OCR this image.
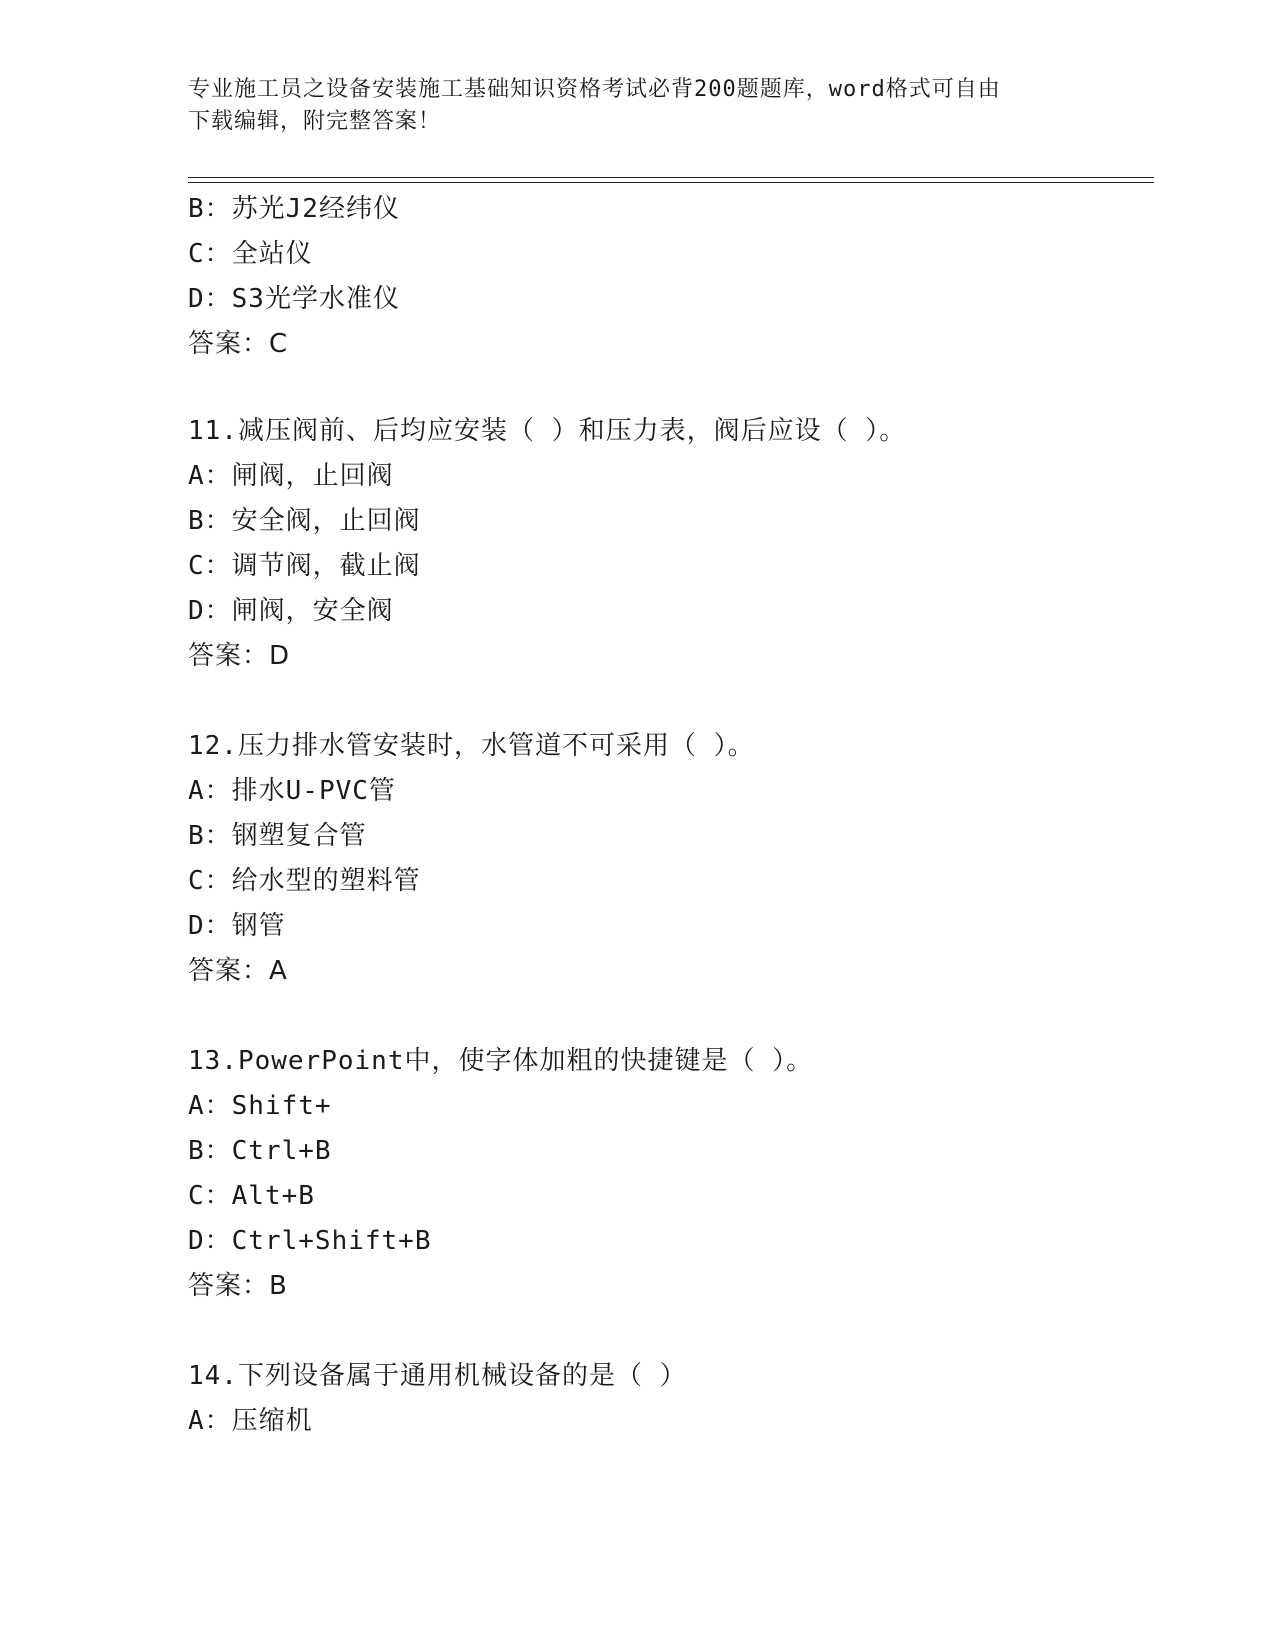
专业施工员之设备安装施工基础知识资格考试必背200题题库，word格式可自由
下载编辑，附完整答案！
B：苏光J2经纬仪
C：全站仪
D：S3光学水准仪
答案：C
11.减压阀前、后均应安装（ ）和压力表，阀后应设（ ）。
A：闸阀，止回阀
B：安全阀，止回阀
C：调节阀，截止阀
D：闸阀，安全阀
答案：D
12.压力排水管安装时，水管道不可采用（ ）。
A：排水U-PVC管
B：钢塑复合管
C：给水型的塑料管
D：钢管
答案：A
13.PowerPoint中，使字体加粗的快捷键是（ ）。
A：Shift+
B：Ctrl+B
C：Alt+B
D：Ctrl+Shift+B
答案：B
14.下列设备属于通用机械设备的是（ ）
A：压缩机
